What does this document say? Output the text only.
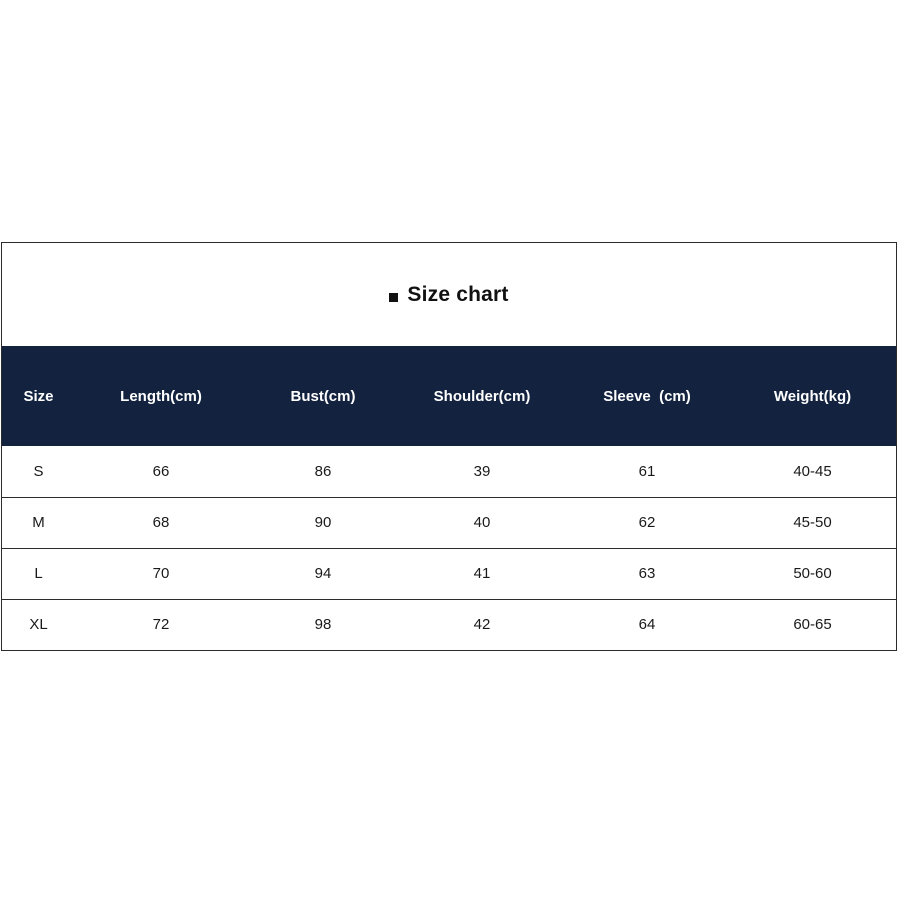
Size chart
Size	Length(cm)	Bust(cm)	Shoulder(cm)	Sleeve  (cm)	Weight(kg)
S	66	86	39	61	40-45
M	68	90	40	62	45-50
L	70	94	41	63	50-60
XL	72	98	42	64	60-65
